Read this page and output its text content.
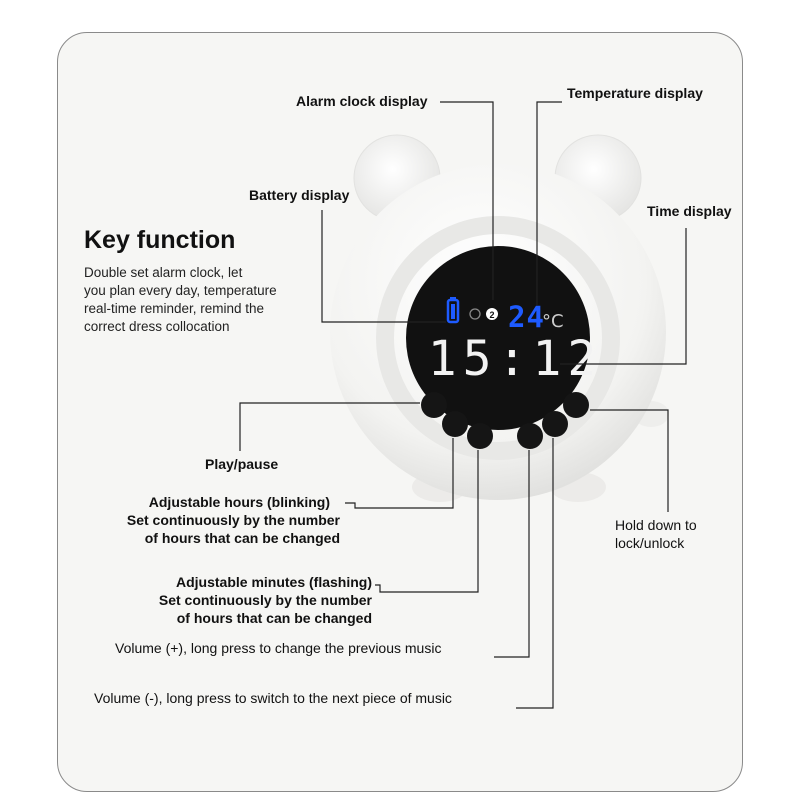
Key function
Double set alarm clock, let
you plan every day, temperature
real-time reminder, remind the
correct dress collocation
2 24
°C
15:12
Alarm clock display	Temperature display
Battery display
Time display
Play/pause
Adjustable hours (blinking)
Set continuously by the number
of hours that can be changed
Adjustable minutes (flashing)
Set continuously by the number
of hours that can be changed
Hold down to
lock/unlock
Volume (+), long press to change the previous music
Volume (-), long press to switch to the next piece of music
